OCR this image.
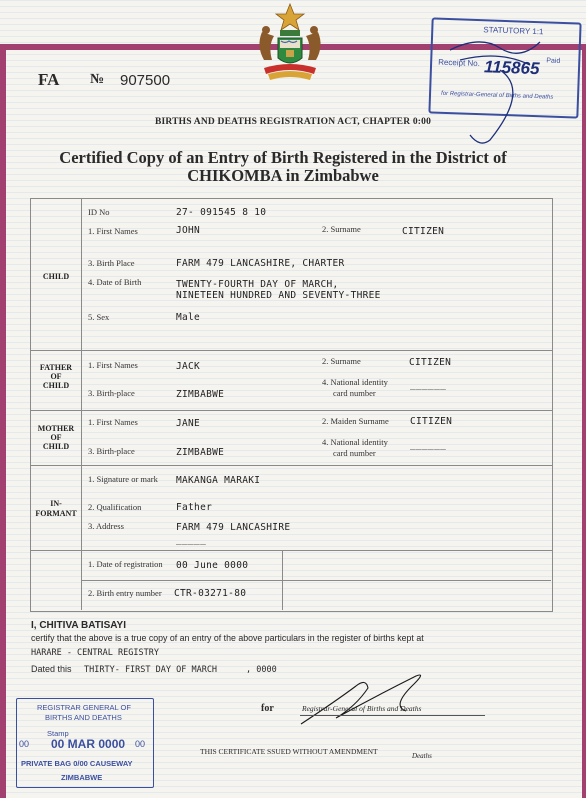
FA № 907500
STATUTORY 1:1
Receipt No. 115865 Paid
for Registrar-General of Births and Deaths
BIRTHS AND DEATHS REGISTRATION ACT, CHAPTER 0:00
Certified Copy of an Entry of Birth Registered in the District of
CHIKOMBA in Zimbabwe
CHILD
ID No	27- 091545 8 10
1. First Names	JOHN	2. Surname	CITIZEN
3. Birth Place	FARM 479 LANCASHIRE, CHARTER
4. Date of Birth	TWENTY-FOURTH DAY OF MARCH,
NINETEEN HUNDRED AND SEVENTY-THREE
5. Sex	Male
FATHER
OF
CHILD
1. First Names	JACK	2. Surname	CITIZEN
3. Birth-place	ZIMBABWE
4. National identity
card number
______
MOTHER
OF
CHILD
1. First Names	JANE	2. Maiden Surname CITIZEN
3. Birth-place	ZIMBABWE
4. National identity
card number
______
IN-
FORMANT
1. Signature or mark MAKANGA MARAKI
2. Qualification	Father
3. Address	FARM 479 LANCASHIRE
_____
1. Date of registration 00 June 0000
2. Birth entry number CTR-03271-80
I, CHITIVA BATISAYI
certify that the above is a true copy of an entry of the above particulars in the register of births kept at
HARARE - CENTRAL REGISTRY
Dated this THIRTY- FIRST DAY OF MARCH	, 0000
for	Registrar-General of Births and Deaths
THIS CERTIFICATE SSUED WITHOUT AMENDMENT	Deaths
REGISTRAR GENERAL OF
BIRTHS AND DEATHS
Stamp
00 00 MAR 0000 00
PRIVATE BAG 0/00 CAUSEWAY
ZIMBABWE
